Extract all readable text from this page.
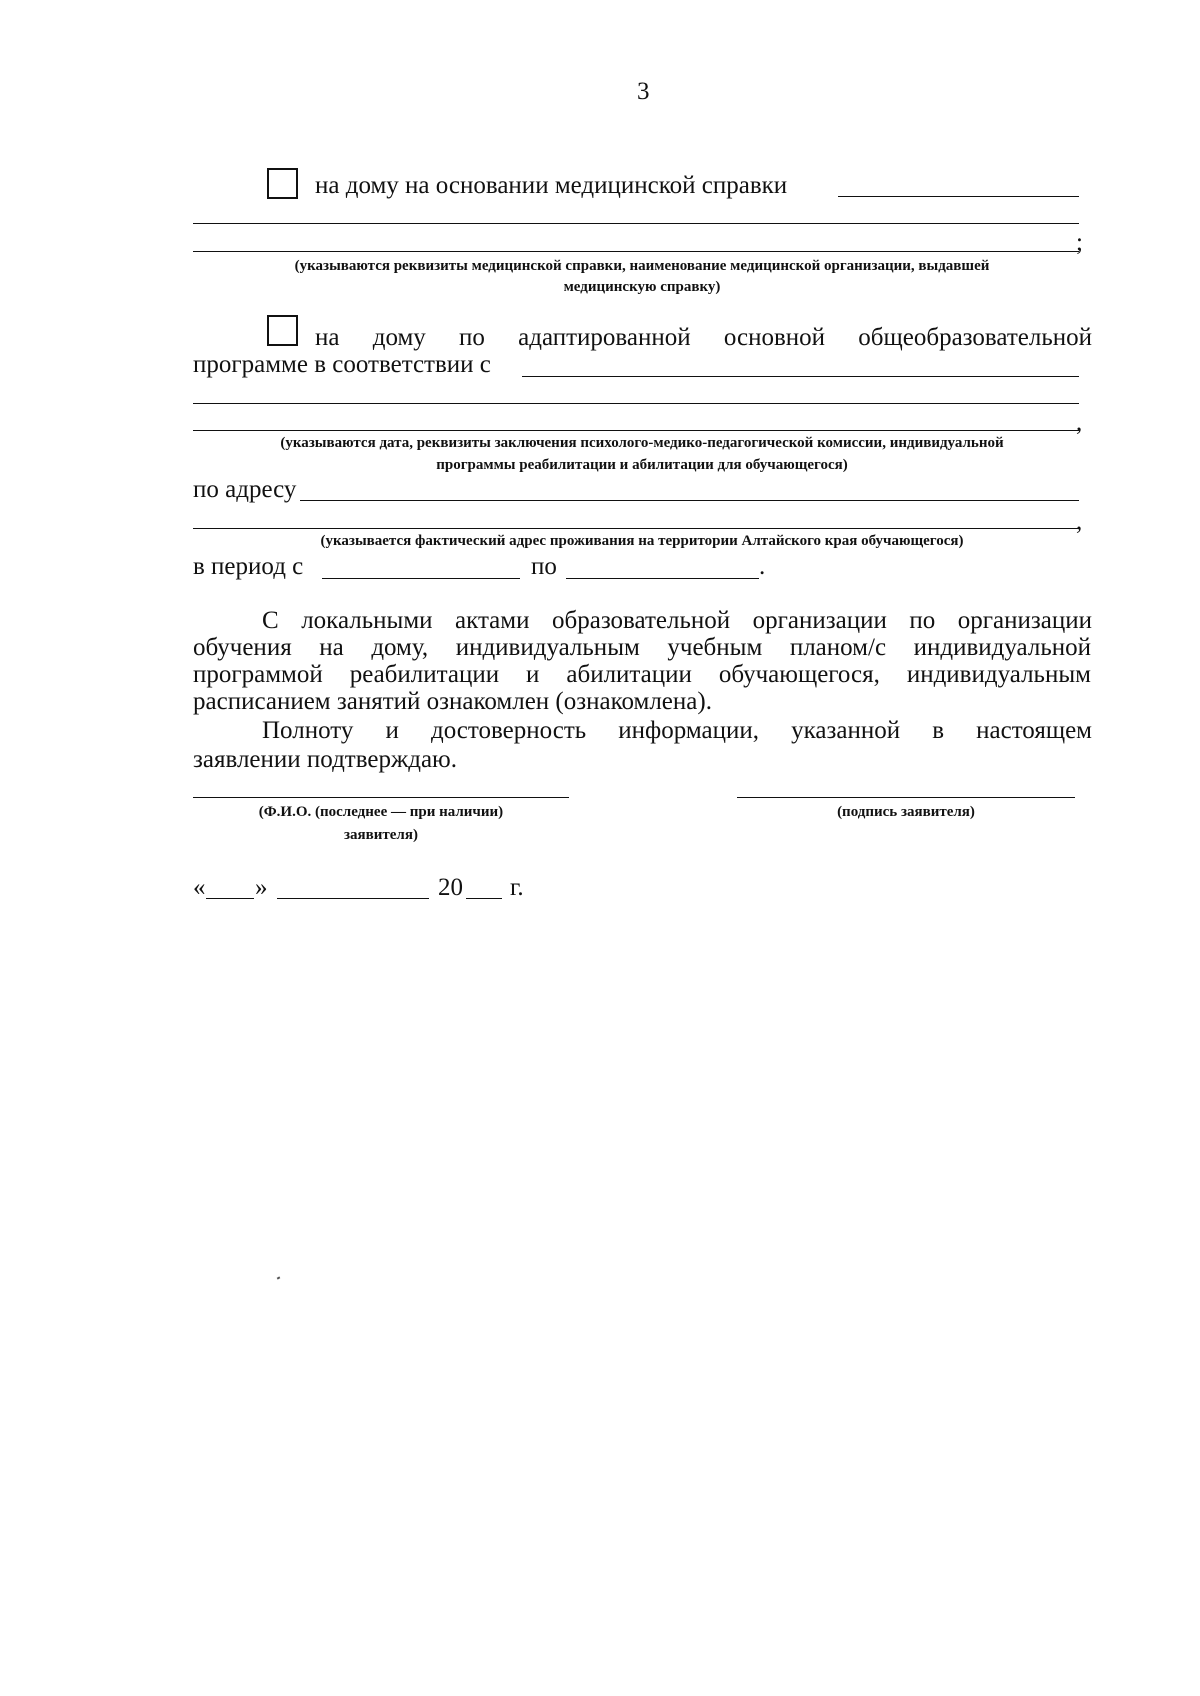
3
на дому на основании медицинской справки
;
(указываются реквизиты медицинской справки, наименование медицинской организации, выдавшей
медицинскую справку)
на дому по адаптированной основной общеобразовательной
программе в соответствии с
,
(указываются дата, реквизиты заключения психолого-медико-педагогической комиссии, индивидуальной
программы реабилитации и абилитации для обучающегося)
по адресу
,
(указывается фактический адрес проживания на территории Алтайского края обучающегося)
в период с	по	.
С локальными актами образовательной организации по организации
обучения на дому, индивидуальным учебным планом/с индивидуальной
программой реабилитации и абилитации обучающегося, индивидуальным
расписанием занятий ознакомлен (ознакомлена).
Полноту и достоверность информации, указанной в настоящем
заявлении подтверждаю.
(Ф.И.О. (последнее — при наличии)
заявителя)
(подпись заявителя)
« »	20 г.
